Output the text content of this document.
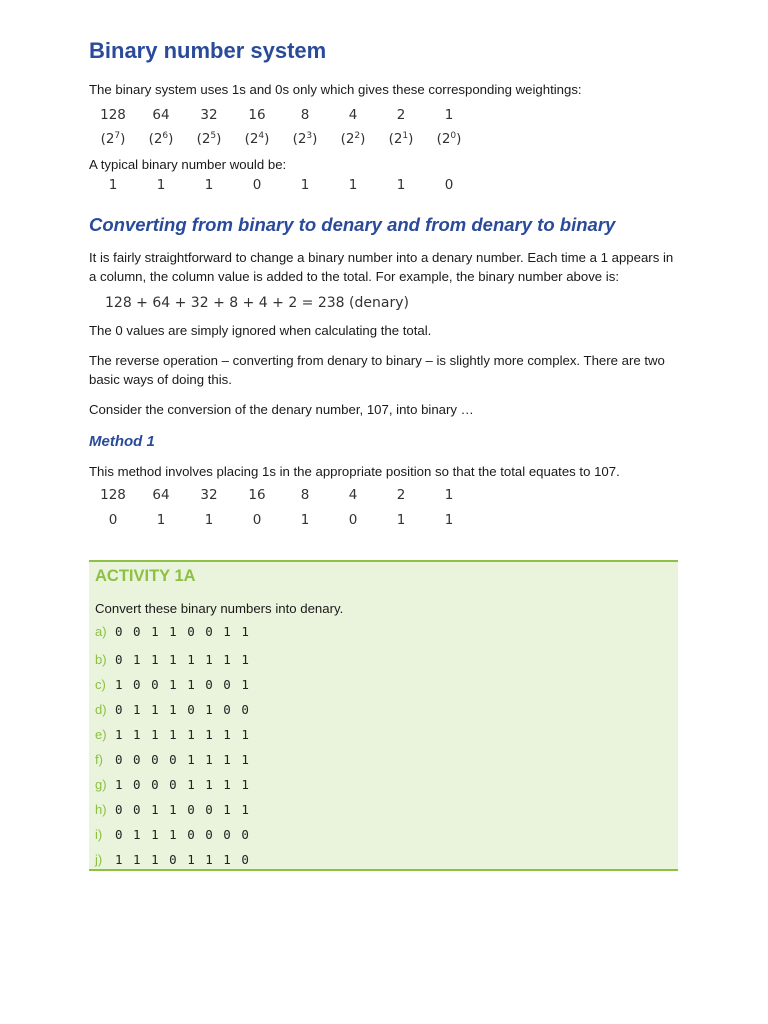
Binary number system

The binary system uses 1s and 0s only which gives these corresponding weightings:

128	64	32	16	8	4	2	1
$(2^7)$	$(2^6)$	$(2^5)$	$(2^4)$	$(2^3)$	$(2^2)$	$(2^1)$	$(2^0)$

A typical binary number would be:

1	1	1	0	1	1	1	0
Converting from binary to denary and from denary to binary

It is fairly straightforward to change a binary number into a denary number. Each time a 1 appears in a column, the column value is added to the total. For example, the binary number above is:

128 + 64 + 32 + 8 + 4 + 2 = 238 (denary)

The 0 values are simply ignored when calculating the total.

The reverse operation – converting from denary to binary – is slightly more complex. There are two basic ways of doing this.

Consider the conversion of the denary number, 107, into binary …

Method 1

This method involves placing 1s in the appropriate position so that the total equates to 107.

128	64	32	16	8	4	2	1
0	1	1	0	1	0	1	1
ACTIVITY 1A
Convert these binary numbers into denary.
a) 0 0 1 1 0 0 1 1
b) 0 1 1 1 1 1 1 1
c) 1 0 0 1 1 0 0 1
d) 0 1 1 1 0 1 0 0
e) 1 1 1 1 1 1 1 1
f) 0 0 0 0 1 1 1 1
g) 1 0 0 0 1 1 1 1
h) 0 0 1 1 0 0 1 1
i)	0 1 1 1 0 0 0 0
j)	1 1 1 0 1 1 1 0
